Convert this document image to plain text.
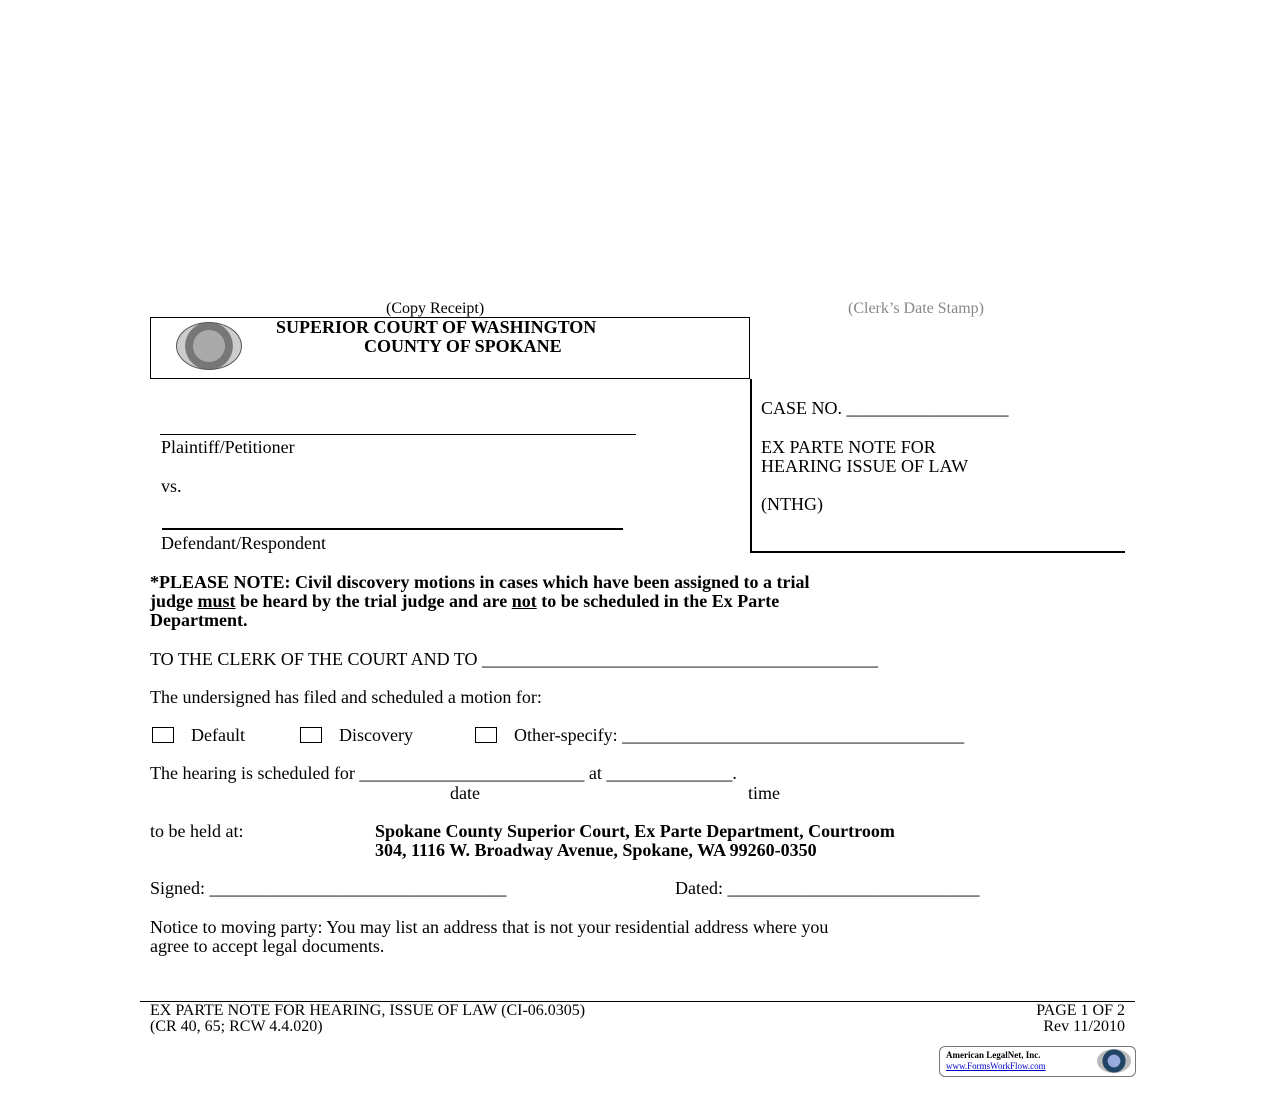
(Copy Receipt)	(Clerk’s Date Stamp)
SUPERIOR COURT OF WASHINGTON
COUNTY OF SPOKANE
Plaintiff/Petitioner
vs.
Defendant/Respondent
CASE NO. __________________
EX PARTE NOTE FOR
HEARING ISSUE OF LAW
(NTHG)
*PLEASE NOTE: Civil discovery motions in cases which have been assigned to a trial
judge must be heard by the trial judge and are not to be scheduled in the Ex Parte
Department.
TO THE CLERK OF THE COURT AND TO ____________________________________________
The undersigned has filed and scheduled a motion for:
Default	Discovery	Other-specify: ______________________________________
The hearing is scheduled for _________________________ at ______________.
date	time
to be held at:	Spokane County Superior Court, Ex Parte Department, Courtroom
304, 1116 W. Broadway Avenue, Spokane, WA 99260-0350
Signed: _________________________________	Dated: ____________________________
Notice to moving party: You may list an address that is not your residential address where you
agree to accept legal documents.
EX PARTE NOTE FOR HEARING, ISSUE OF LAW (CI-06.0305)
(CR 40, 65; RCW 4.4.020)
PAGE 1 OF 2
Rev 11/2010
American LegalNet, Inc.
www.FormsWorkFlow.com
